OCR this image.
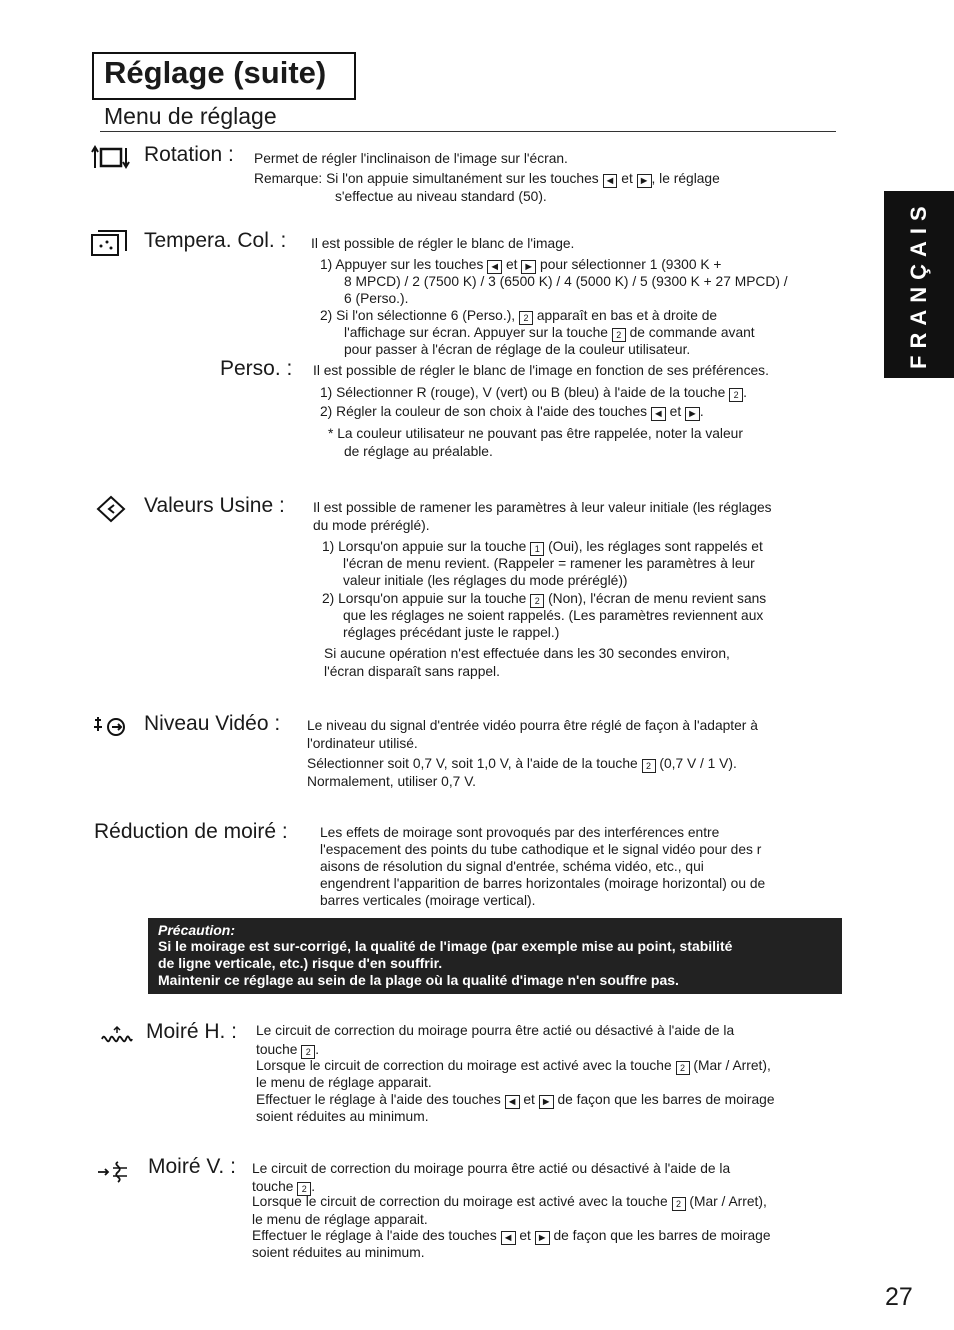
Réglage (suite)
Menu de réglage
FRANÇAIS
Rotation : Permet de régler l'inclinaison de l'image sur l'écran.
Remarque: Si l'on appuie simultanément sur les touches ◄ et ► , le réglage
s'effectue au niveau standard (50).
Tempera. Col. : Il est possible de régler le blanc de l'image.
1) Appuyer sur les touches ◄ et ► pour sélectionner 1 (9300 K +
8 MPCD) / 2 (7500 K) / 3 (6500 K) / 4 (5000 K) / 5 (9300 K + 27 MPCD) /
6 (Perso.).
2) Si l'on sélectionne 6 (Perso.), 2 apparaît en bas et à droite de
l'affichage sur écran. Appuyer sur la touche 2 de commande avant
pour passer à l'écran de réglage de la couleur utilisateur.
Perso. : Il est possible de régler le blanc de l'image en fonction de ses préférences.
1) Sélectionner R (rouge), V (vert) ou B (bleu) à l'aide de la touche 2 .
2) Régler la couleur de son choix à l'aide des touches ◄ et ► .
* La couleur utilisateur ne pouvant pas être rappelée, noter la valeur
de réglage au préalable.
Valeurs Usine : Il est possible de ramener les paramètres à leur valeur initiale (les réglages
du mode préréglé).
1) Lorsqu'on appuie sur la touche 1 (Oui), les réglages sont rappelés et
l'écran de menu revient. (Rappeler = ramener les paramètres à leur
valeur initiale (les réglages du mode préréglé))
2) Lorsqu'on appuie sur la touche 2 (Non), l'écran de menu revient sans
que les réglages ne soient rappelés. (Les paramètres reviennent aux
réglages précédant juste le rappel.)
Si aucune opération n'est effectuée dans les 30 secondes environ,
l'écran disparaît sans rappel.
Niveau Vidéo : Le niveau du signal d'entrée vidéo pourra être réglé de façon à l'adapter à
l'ordinateur utilisé.
Sélectionner soit 0,7 V, soit 1,0 V, à l'aide de la touche 2 (0,7 V / 1 V).
Normalement, utiliser 0,7 V.
Réduction de moiré : Les effets de moirage sont provoqués par des interférences entre
l'espacement des points du tube cathodique et le signal vidéo pour des r
aisons de résolution du signal d'entrée, schéma vidéo, etc., qui
engendrent l'apparition de barres horizontales (moirage horizontal) ou de
barres verticales (moirage vertical).
Précaution:
Si le moirage est sur-corrigé, la qualité de l'image (par exemple mise au point, stabilité
de ligne verticale, etc.) risque d'en souffrir.
Maintenir ce réglage au sein de la plage où la qualité d'image n'en souffre pas.
Moiré H. : Le circuit de correction du moirage pourra être actié ou désactivé à l'aide de la
touche 2 .
Lorsque le circuit de correction du moirage est activé avec la touche 2 (Mar / Arret),
le menu de réglage apparait.
Effectuer le réglage à l'aide des touches ◄ et ► de façon que les barres de moirage
soient réduites au minimum.
Moiré V. : Le circuit de correction du moirage pourra être actié ou désactivé à l'aide de la
touche 2 .
Lorsque le circuit de correction du moirage est activé avec la touche 2 (Mar / Arret),
le menu de réglage apparait.
Effectuer le réglage à l'aide des touches ◄ et ► de façon que les barres de moirage
soient réduites au minimum.
27
